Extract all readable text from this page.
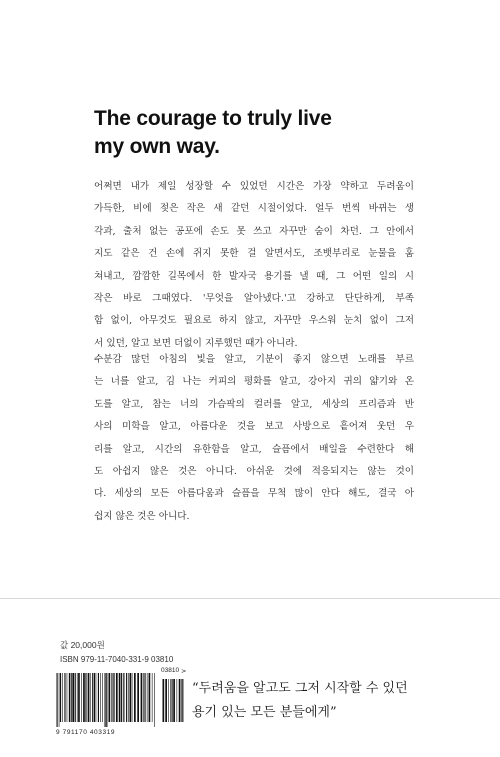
The courage to truly live
my own way.
어쩌면 내가 제일 성장할 수 있었던 시간은 가장 약하고 두려움이
가득한, 비에 젖은 작은 새 같던 시절이었다. 얼두 번씩 바뀌는 생
각과, 출처 없는 공포에 손도 못 쓰고 자꾸만 숨이 차던. 그 안에서
지도 같은 건 손에 쥐지 못한 걸 알면서도, 조뱃부리로 눈물을 훔
쳐내고, 깜깜한 길목에서 한 발자국 용기를 낼 때, 그 어떤 일의 시
작은 바로 그때였다. '무엇을 알아냈다.'고 강하고 단단하게, 부족
함 없이, 아무것도 필요로 하지 않고, 자꾸만 우스워 눈치 없이 그저
서 있던, 알고 보면 더없이 지루했던 때가 아니라.
수분감 많던 아침의 빛을 알고, 기분이 좋지 않으면 노래를 부르
는 너를 알고, 김 나는 커피의 평화를 알고, 강아지 귀의 얇기와 온
도를 알고, 참는 너의 가슴팍의 컬러를 알고, 세상의 프리즘과 반
사의 미학을 알고, 아름다운 것을 보고 사방으로 흩어져 웃던 우
리를 알고, 시간의 유한함을 알고, 슬픔에서 배일을 수련한다 해
도 아쉽지 않은 것은 아니다. 아쉬운 것에 적응되지는 않는 것이
다. 세상의 모든 아름다움과 슬픔을 무척 많이 안다 해도, 결국 아
쉽지 않은 것은 아니다.

값 20,000원

ISBN 979-11-7040-331-9 03810

03810 >
9 791170 403319

“두려움을 알고도 그저 시작할 수 있던
용기 있는 모든 분들에게”
